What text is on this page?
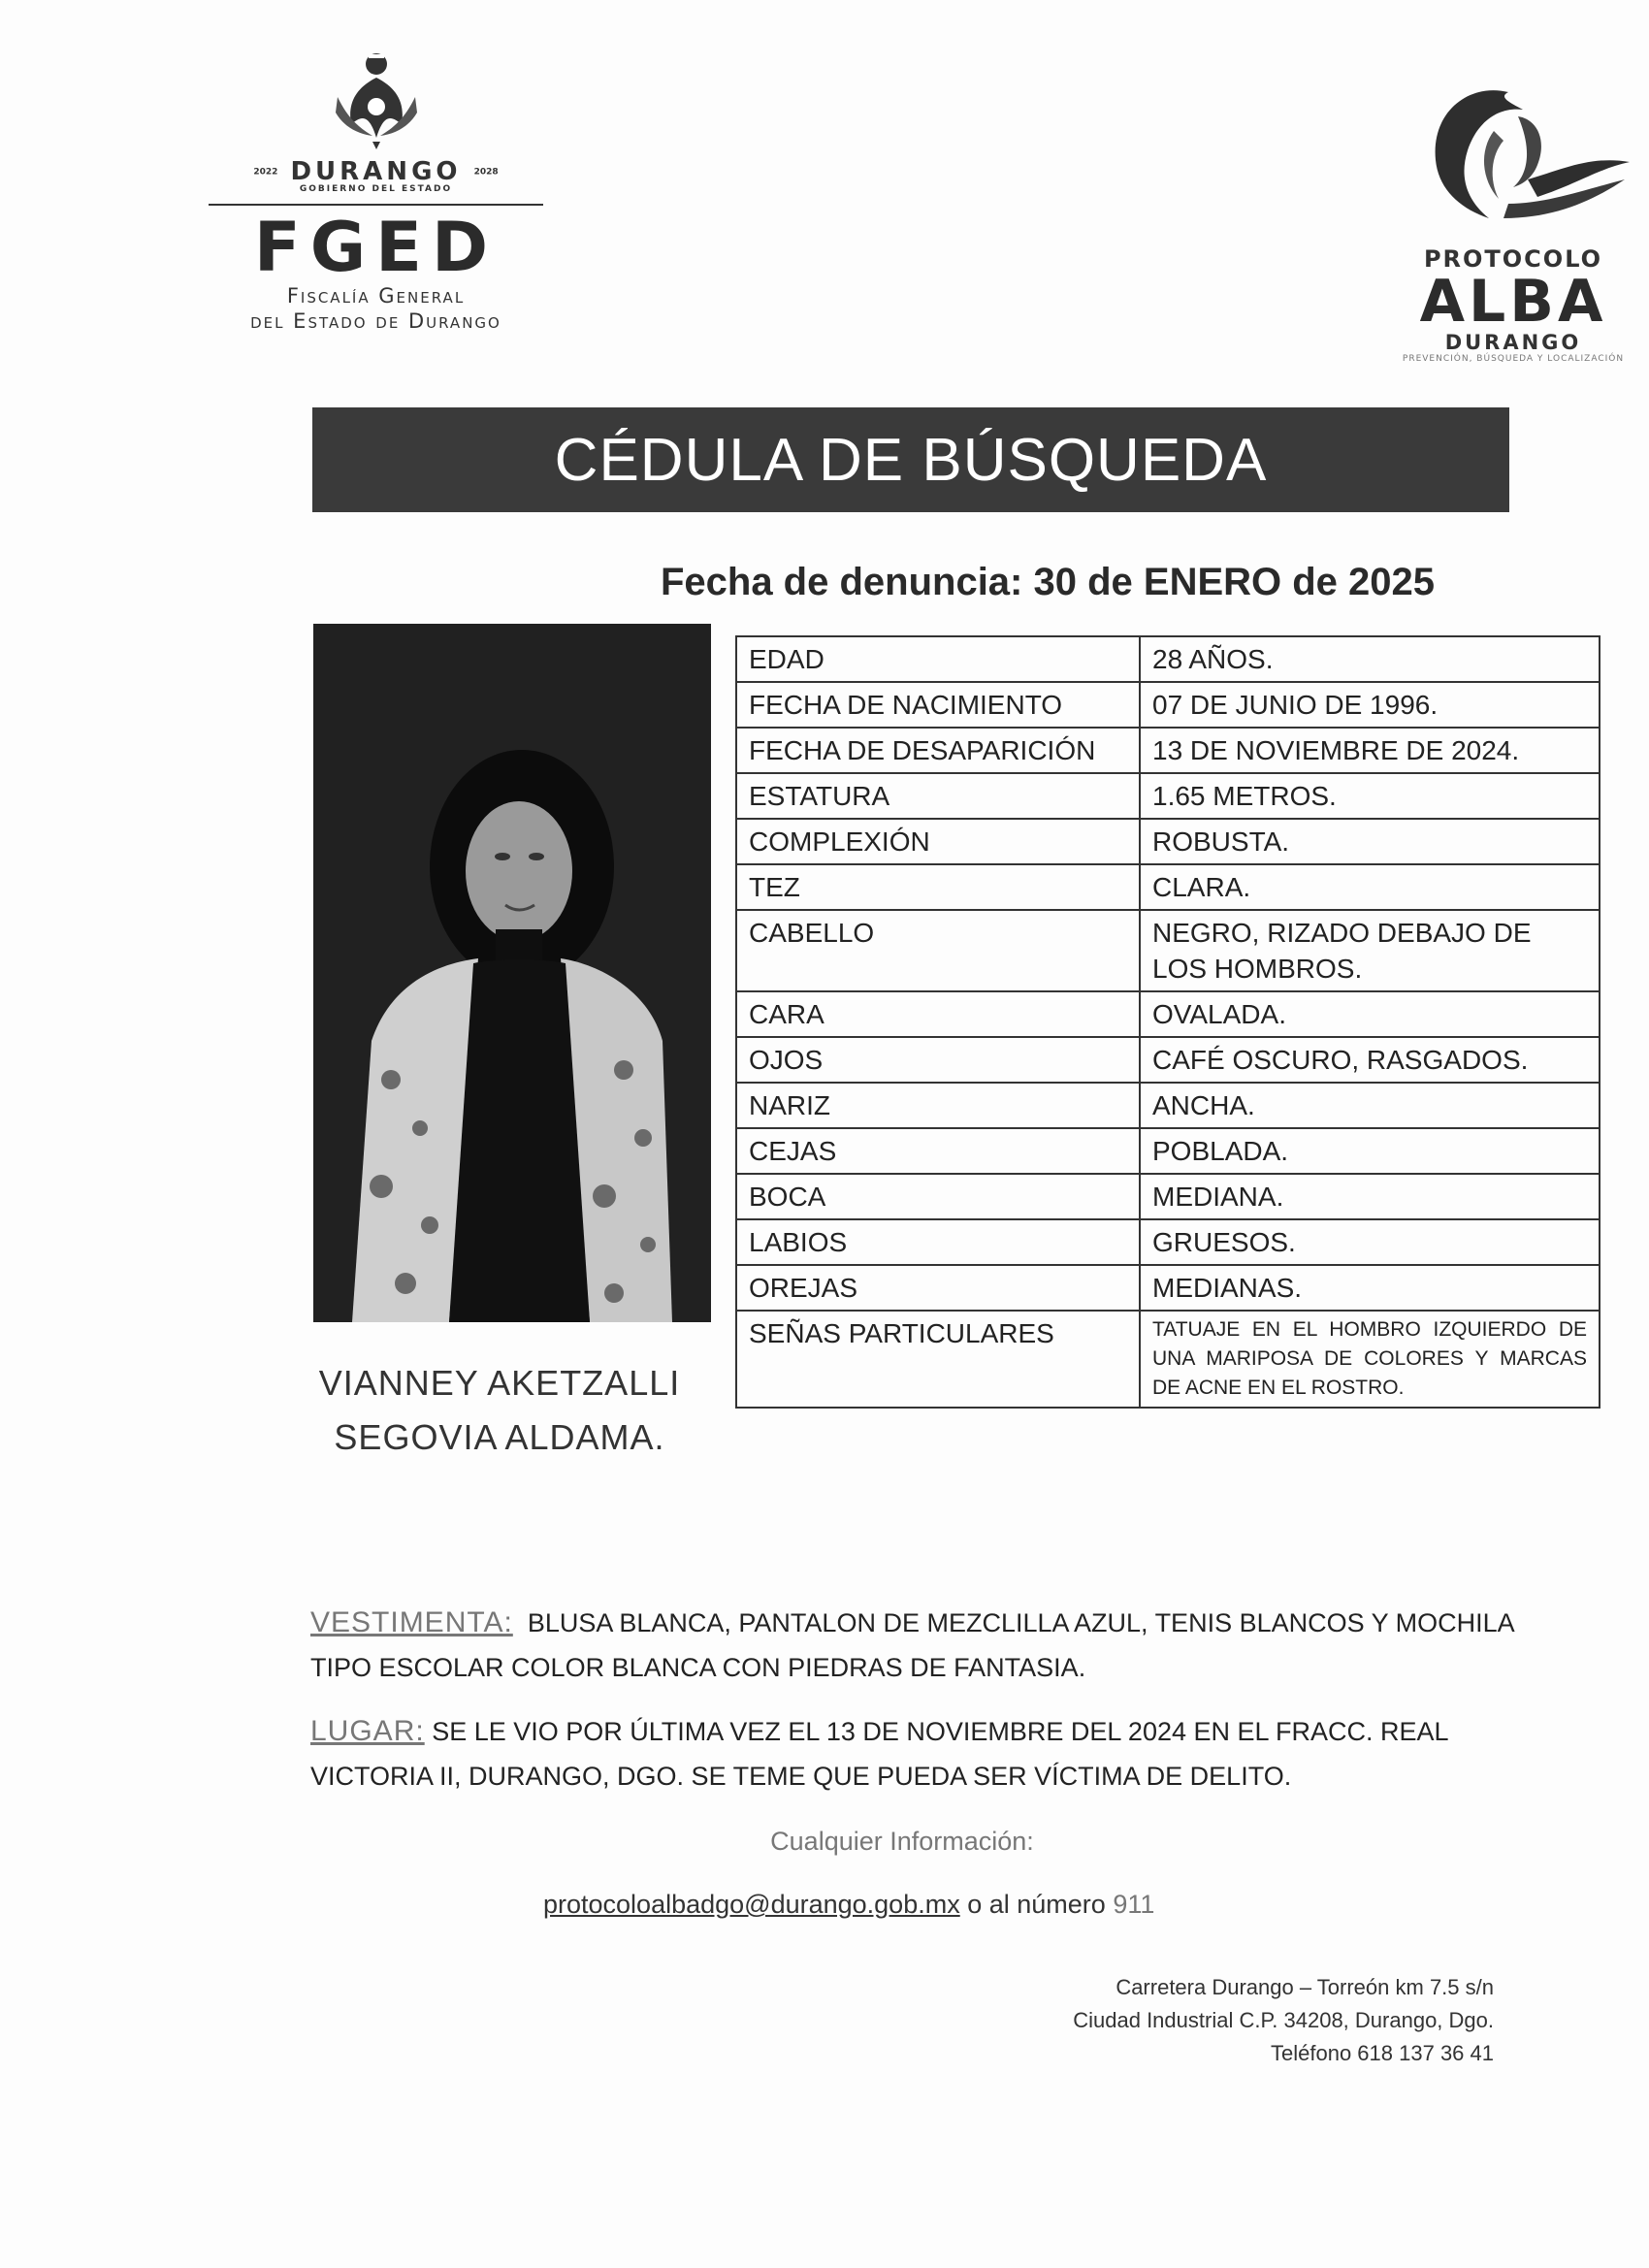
2022 DURANGO 2028
GOBIERNO DEL ESTADO
FGED
Fiscalía General
del Estado de Durango
PROTOCOLO
ALBA
DURANGO
PREVENCIÓN, BÚSQUEDA Y LOCALIZACIÓN
CÉDULA DE BÚSQUEDA
Fecha de denuncia: 30 de ENERO de 2025
VIANNEY AKETZALLI
SEGOVIA ALDAMA.
EDAD	28 AÑOS.
FECHA DE NACIMIENTO	07 DE JUNIO DE 1996.
FECHA DE DESAPARICIÓN	13 DE NOVIEMBRE DE 2024.
ESTATURA	1.65 METROS.
COMPLEXIÓN	ROBUSTA.
TEZ	CLARA.
CABELLO	NEGRO, RIZADO DEBAJO DE LOS HOMBROS.
CARA	OVALADA.
OJOS	CAFÉ OSCURO, RASGADOS.
NARIZ	ANCHA.
CEJAS	POBLADA.
BOCA	MEDIANA.
LABIOS	GRUESOS.
OREJAS	MEDIANAS.
SEÑAS PARTICULARES	TATUAJE EN EL HOMBRO IZQUIERDO DE UNA MARIPOSA DE COLORES Y MARCAS DE ACNE EN EL ROSTRO.
VESTIMENTA: BLUSA BLANCA, PANTALON DE MEZCLILLA AZUL, TENIS BLANCOS Y MOCHILA TIPO ESCOLAR COLOR BLANCA CON PIEDRAS DE FANTASIA.
LUGAR: SE LE VIO POR ÚLTIMA VEZ EL 13 DE NOVIEMBRE DEL 2024 EN EL FRACC. REAL VICTORIA II, DURANGO, DGO. SE TEME QUE PUEDA SER VÍCTIMA DE DELITO.
Cualquier Información:
protocoloalbadgo@durango.gob.mx o al número 911
Carretera Durango – Torreón km 7.5 s/n
Ciudad Industrial C.P. 34208, Durango, Dgo.
Teléfono 618 137 36 41
